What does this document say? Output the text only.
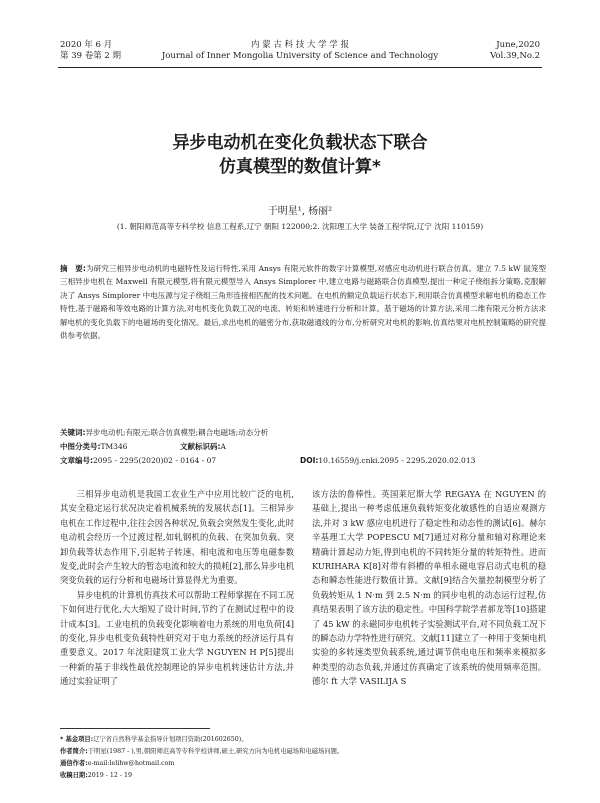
2020 年 6 月
第 39 卷第 2 期
内 蒙 古 科 技 大 学 学 报
Journal of Inner Mongolia University of Science and Technology
June,2020
Vol.39,No.2
异步电动机在变化负载状态下联合
仿真模型的数值计算*
于明星¹, 杨丽²
(1. 朝阳师范高等专科学校 信息工程系,辽宁 朝阳 122000;2. 沈阳理工大学 装备工程学院,辽宁 沈阳 110159)
摘　要:为研究三相异步电动机的电磁特性及运行特性,采用 Ansys 有限元软件的数字计算模型,对感应电动机进行联合仿真。建立 7.5 kW 鼠笼型三相异步电机在 Maxwell 有限元模型,将有限元模型导入 Ansys Simplorer 中,建立电路与磁路联合仿真模型,提出一种定子绕组拆分策略,克服解决了 Ansys Simplorer 中电压源与定子绕组三角形连接相匹配的技术问题。在电机的额定负载运行状态下,利用联合仿真模型求解电机的稳态工作特性,基于磁路和等效电路的计算方法,对电机变化负载工况的电流、转矩和转速进行分析和计算。基于磁场的计算方法,采用二维有限元分析方法求解电机的变化负载下的电磁场的变化情况。最后,求出电机的磁密分布,获取磁通线的分布,分析研究对电机的影响,仿真结果对电机控制策略的研究提供参考依据。
关键词:异步电动机;有限元;联合仿真模型;耦合电磁场;动态分析
中图分类号:TM346	文献标识码:A
文章编号:2095 - 2295(2020)02 - 0164 - 07	DOI:10.16559/j.cnki.2095 - 2295.2020.02.013

三相异步电动机是我国工农业生产中应用比较广泛的电机,其安全稳定运行状况决定着机械系统的发展状态[1]。三相异步电机在工作过程中,往往会因各种状况,负载会突然发生变化,此时电动机会经历一个过渡过程,如轧钢机的负载、在突加负载、突卸负载等状态作用下,引起转子转速、相电流和电压等电磁参数发变,此时会产生较大的暂态电流和较大的损耗[2],那么异步电机突变负载的运行分析和电磁场计算显得尤为重要。

异步电机的计算机仿真技术可以帮助工程师掌握在不同工况下如何进行优化,大大缩短了设计时间,节约了在测试过程中的设计成本[3]。工业电机的负载变化影响着电力系统的用电负荷[4]的变化,异步电机变负载特性研究对于电力系统的经济运行具有重要意义。2017 年沈阳建筑工业大学 NGUYEN H P[5]提出一种新的基于非线性最优控制理论的异步电机转速估计方法,并通过实验证明了

该方法的鲁棒性。英国莱尼斯大学 REGAYA 在 NGUYEN 的基础上,提出一种考虑低速负载转矩变化敏感性的自适应观测方法,并对 3 kW 感应电机进行了稳定性和动态性的测试[6]。赫尔辛基理工大学 POPESCU M[7]通过对称分量和轴对称理论来精确计算起动力矩,得到电机的不同转矩分量的转矩特性。进而 KURIHARA K[8]对带有斜槽的单相永磁电容启动式电机的稳态和瞬态性能进行数值计算。文献[9]结合矢量控制模型分析了负载转矩从 1 N·m 到 2.5 N·m 的同步电机的动态运行过程,仿真结果表明了该方法的稳定性。中国科学院学者郝龙等[10]搭建了 45 kW 的永磁同步电机转子实验测试平台,对不同负载工况下的瞬态动力学特性进行研究。文献[11]建立了一种用于变频电机实验的多转速类型负载系统,通过调节供电电压和频率来模拟多种类型的动态负载,并通过仿真确定了该系统的使用频率范围。德尔 ft 大学 VASILIJA S

* 基金项目:辽宁省自然科学基金指导计划项目资助(201602650)。
作者简介:于明星(1987 - ),男,朝阳师范高等专科学校讲师,硕士,研究方向为电机电磁场和电磁场问题。
通信作者:e-mail:lelihw@hotmail.com
收稿日期:2019 - 12 - 19
